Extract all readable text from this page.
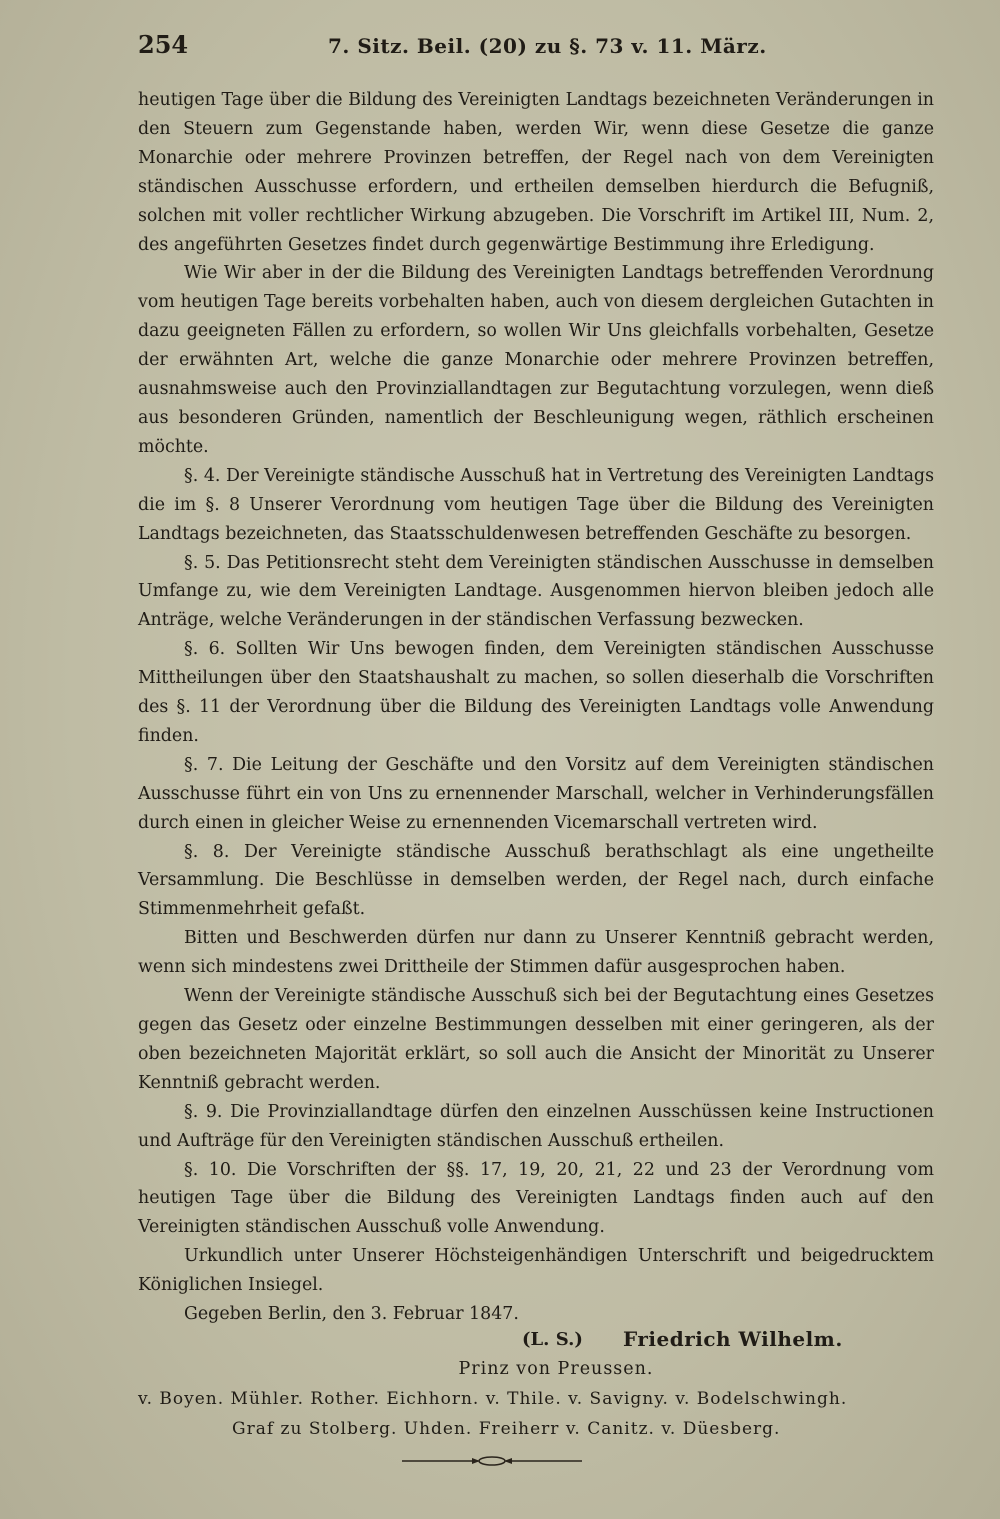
254	7. Sitz. Beil. (20) zu §. 73 v. 11. März.

heutigen Tage über die Bildung des Vereinigten Landtags bezeichneten Veränderungen in den Steuern zum Gegenstande haben, werden Wir, wenn diese Gesetze die ganze Monarchie oder mehrere Provinzen betreffen, der Regel nach von dem Vereinigten ständischen Ausschusse erfordern, und ertheilen demselben hierdurch die Befugniß, solchen mit voller rechtlicher Wirkung abzugeben. Die Vorschrift im Artikel III, Num. 2, des angeführten Gesetzes findet durch gegenwärtige Bestimmung ihre Erledigung.

Wie Wir aber in der die Bildung des Vereinigten Landtags betreffenden Verordnung vom heutigen Tage bereits vorbehalten haben, auch von diesem dergleichen Gutachten in dazu geeigneten Fällen zu erfordern, so wollen Wir Uns gleichfalls vorbehalten, Gesetze der erwähnten Art, welche die ganze Monarchie oder mehrere Provinzen betreffen, ausnahmsweise auch den Provinziallandtagen zur Begutachtung vorzulegen, wenn dieß aus besonderen Gründen, namentlich der Beschleunigung wegen, räthlich erscheinen möchte.

§. 4. Der Vereinigte ständische Ausschuß hat in Vertretung des Vereinigten Landtags die im §. 8 Unserer Verordnung vom heutigen Tage über die Bildung des Vereinigten Landtags bezeichneten, das Staatsschuldenwesen betreffenden Geschäfte zu besorgen.

§. 5. Das Petitionsrecht steht dem Vereinigten ständischen Ausschusse in demselben Umfange zu, wie dem Vereinigten Landtage. Ausgenommen hiervon bleiben jedoch alle Anträge, welche Veränderungen in der ständischen Verfassung bezwecken.

§. 6. Sollten Wir Uns bewogen finden, dem Vereinigten ständischen Ausschusse Mittheilungen über den Staatshaushalt zu machen, so sollen dieserhalb die Vorschriften des §. 11 der Verordnung über die Bildung des Vereinigten Landtags volle Anwendung finden.

§. 7. Die Leitung der Geschäfte und den Vorsitz auf dem Vereinigten ständischen Ausschusse führt ein von Uns zu ernennender Marschall, welcher in Verhinderungsfällen durch einen in gleicher Weise zu ernennenden Vicemarschall vertreten wird.

§. 8. Der Vereinigte ständische Ausschuß berathschlagt als eine ungetheilte Versammlung. Die Beschlüsse in demselben werden, der Regel nach, durch einfache Stimmenmehrheit gefaßt.

Bitten und Beschwerden dürfen nur dann zu Unserer Kenntniß gebracht werden, wenn sich mindestens zwei Drittheile der Stimmen dafür ausgesprochen haben.

Wenn der Vereinigte ständische Ausschuß sich bei der Begutachtung eines Gesetzes gegen das Gesetz oder einzelne Bestimmungen desselben mit einer geringeren, als der oben bezeichneten Majorität erklärt, so soll auch die Ansicht der Minorität zu Unserer Kenntniß gebracht werden.

§. 9. Die Provinziallandtage dürfen den einzelnen Ausschüssen keine Instructionen und Aufträge für den Vereinigten ständischen Ausschuß ertheilen.

§. 10. Die Vorschriften der §§. 17, 19, 20, 21, 22 und 23 der Verordnung vom heutigen Tage über die Bildung des Vereinigten Landtags finden auch auf den Vereinigten ständischen Ausschuß volle Anwendung.

Urkundlich unter Unserer Höchsteigenhändigen Unterschrift und beigedrucktem Königlichen Insiegel.

Gegeben Berlin, den 3. Februar 1847.

(L. S.) Friedrich Wilhelm.
Prinz von Preussen.
v. Boyen. Mühler. Rother. Eichhorn. v. Thile. v. Savigny. v. Bodelschwingh.
Graf zu Stolberg. Uhden. Freiherr v. Canitz. v. Düesberg.
